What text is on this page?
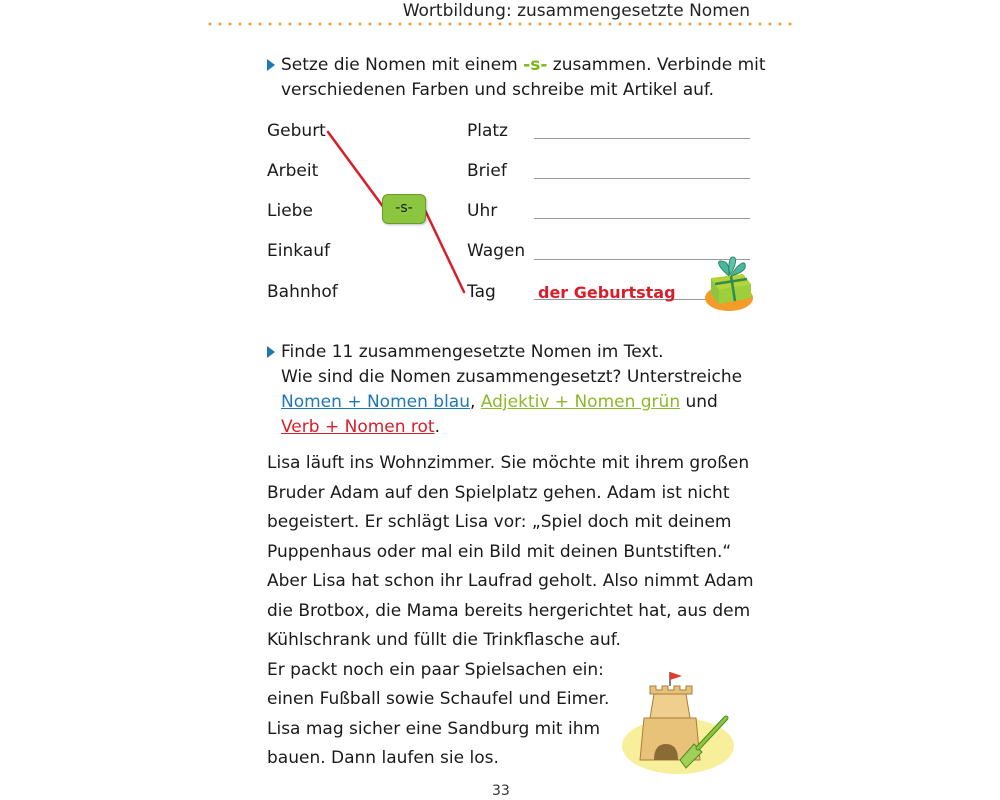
Wortbildung: zusammengesetzte Nomen
Setze die Nomen mit einem -s- zusammen. Verbinde mit
verschiedenen Farben und schreibe mit Artikel auf.
Geburt
Arbeit
Liebe
Einkauf
Bahnhof
Platz
Brief
Uhr
Wagen
Tag
-s-
der Geburtstag
Finde 11 zusammengesetzte Nomen im Text.
Wie sind die Nomen zusammengesetzt? Unterstreiche
Nomen + Nomen blau, Adjektiv + Nomen grün und
Verb + Nomen rot.

Lisa läuft ins Wohnzimmer. Sie möchte mit ihrem großen

Bruder Adam auf den Spielplatz gehen. Adam ist nicht

begeistert. Er schlägt Lisa vor: „Spiel doch mit deinem

Puppenhaus oder mal ein Bild mit deinen Buntstiften.“

Aber Lisa hat schon ihr Laufrad geholt. Also nimmt Adam

die Brotbox, die Mama bereits hergerichtet hat, aus dem

Kühlschrank und füllt die Trinkflasche auf.

Er packt noch ein paar Spielsachen ein:

einen Fußball sowie Schaufel und Eimer.

Lisa mag sicher eine Sandburg mit ihm

bauen. Dann laufen sie los.

33
